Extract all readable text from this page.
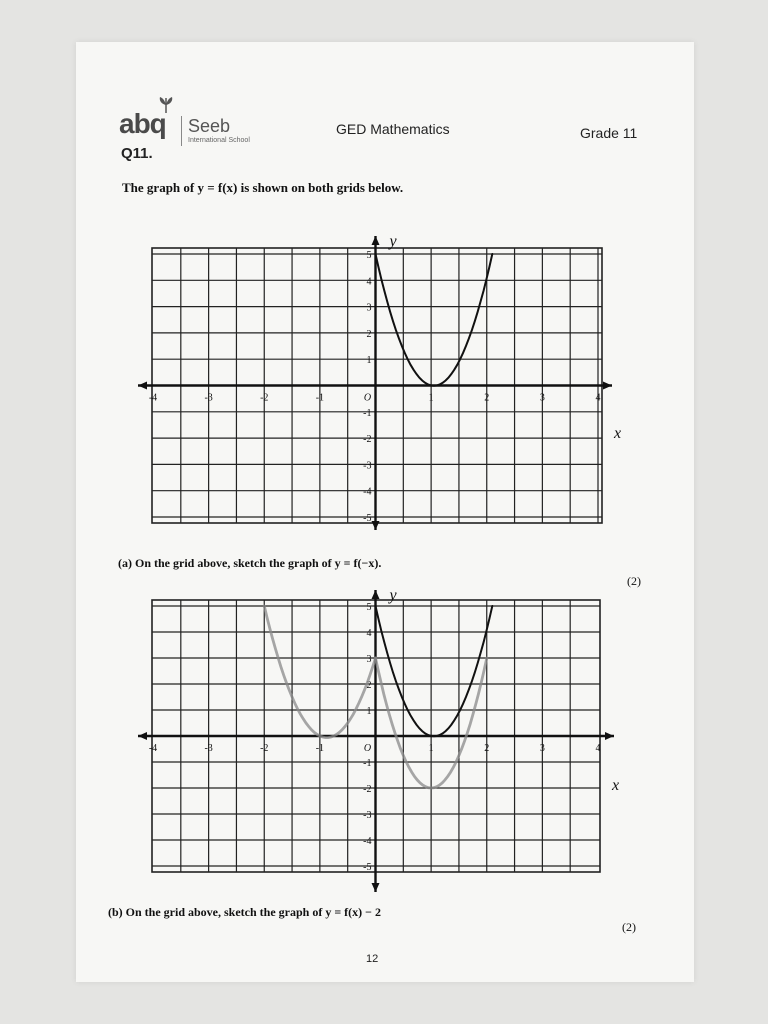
abq Seeb
International School
GED Mathematics	Grade 11
Q11.
The graph of y = f(x) is shown on both grids below.
(a) On the grid above, sketch the graph of y = f(−x).
(2)
(b) On the grid above, sketch the graph of y = f(x) − 2
(2)
12
-4	-3	-2	-1	O	1	2	3	4
5
4
3
2
1
-1
-2
-3
-4
-5
y
x
-4	-3	-2	-1	O	1	2	3	4
5
4
3
2
1
-1
-2
-3
-4
-5
y
x
